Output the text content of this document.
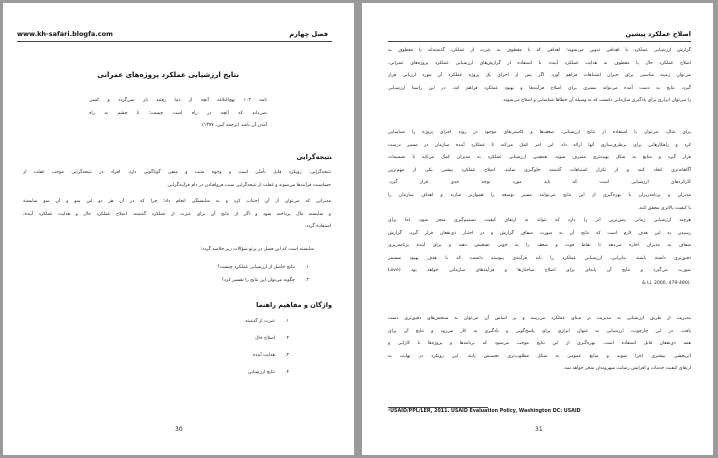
www.kh-safari.blogfa.com	فصل چهارم
نتایج ارزشیابی عملکرد پروژه‌های عمرانی
نامه ۱۰۲ نهج‌البلاغه آنچه از دنیا رفتند باز نمی‌گردد و کسی
نمی‌داند که آنچه در راه است چیست؛ تا چشم به راه
آمدن آن باشد (ترجمه آیتی، ۱۳۷۷).
نتیجه‌گرایی
نتیجه‌گرایی: رویکرد قابل تأملی است و وجوه مثبت و منفی گوناگونی دارد. افراد در نتیجه‌گرایی موجب غفلت از
حساسیت فرآیندها می‌شوند و غفلت از نتیجه‌گرایی سبب فروافتادن در دام فرآیندگرایی.
مدیرانی که می‌توان از آن اجتناب کرد و به شایستگی انجام داد؛ چرا که در آن هر دو این سو و آن سو شایسته
و شایسته مآل پرداخته شود و اگر از نتایج آن برای عبرت از عملکرد گذشته، اصلاح عملکرد حال و هدایت عملکرد آینده،
استفاده گردد.
شایسته است که این فصل در پرتو سؤالات زیر خلاصه گردد:
۱.نتایج حاصل از ارزشیابی عملکرد چیست؟
۲.چگونه می‌توان این نتایج را تفسیر کرد؟
واژگان و مفاهیم راهنما
۱.عبرت از گذشته
۲.اصلاح حال
۳.هدایت آینده
۴.نتایج ارزشیابی
30
اصلاح عملکرد پیشین
گزارش ارزشیابی عملکرد با اهدافی تدوین می‌شوند؛ اهدافی که با معطوف به عبرت از عملکرد گذشته‌اند یا معطوف به
اصلاح عملکرد حال یا معطوف به هدایت عملکرد آینده. با استفاده از گزارش‌های ارزشیابی عملکرد پروژه‌های عمرانی،
می‌توان زمینه مناسبی برای جبران اشتباهات فراهم آورد. اگر پس از اجرای یک پروژه عملکرد آن مورد ارزیابی قرار
گیرد، نتایج به دست آمده می‌تواند بستری برای اصلاح فرآیندها و بهبود عملکرد فراهم کند. در این راستا ارزشیابی
را می‌توان ابزاری برای یادگیری سازمانی دانست که به وسیله آن خطاها شناسایی و اصلاح می‌شوند.
برای مثال، می‌توان با استفاده از نتایج ارزشیابی، ضعف‌ها و کاستی‌های موجود در روند اجرای پروژه را شناسایی
کرد و راهکارهایی برای برطرف‌سازی آنها ارائه داد. این امر کمک می‌کند تا عملکرد آینده سازمان در مسیر درست
قرار گیرد و منابع به شکل بهینه‌تری مصرف شوند. همچنین ارزشیابی عملکرد به مدیران کمک می‌کند تا تصمیمات
آگاهانه‌تری اتخاذ کنند و از تکرار اشتباهات گذشته جلوگیری نمایند. اصلاح عملکرد پیشین یکی از مهم‌ترین
کارکردهای ارزشیابی است که باید مورد توجه جدی قرار گیرد.
مدیران و برنامه‌ریزان با بهره‌گیری از این نتایج می‌توانند مسیر توسعه را هموارتر سازند و اهداف سازمان را
با کیفیت بالاتری محقق کنند.
هرچند ارزشیابی زمانی بیش‌ترین اثر را دارد که بتواند به ارتقای کیفیت تصمیم‌گیری منجر شود، اما برای
رسیدن به این هدف لازم است که نتایج آن به صورت شفاف گزارش و در اختیار ذی‌نفعان قرار گیرد. گزارش
شفاف به مدیران اجازه می‌دهد تا نقاط قوت و ضعف را به خوبی تشخیص دهند و برای آینده برنامه‌ریزی
دقیق‌تری داشته باشند. بنابراین، ارزشیابی عملکرد را باید فرآیندی پیوسته دانست که با هدف بهبود مستمر
صورت می‌گیرد و نتایج آن پایه‌ای برای اصلاح ساختارها و فرآیندهای سازمانی خواهد بود (Love
& Li, 2000, 479-490).
مدیریت از طریق ارزشیابی به مدیریت بر مبنای عملکرد می‌رسد و بر اساس آن می‌توان به سنجش‌های دقیق‌تری دست
یافت. در این چارچوب، ارزشیابی به عنوان ابزاری برای پاسخ‌گویی و یادگیری به کار می‌رود و نتایج آن برای
همه ذی‌نفعان قابل استفاده است. بهره‌گیری از این نتایج موجب می‌شود که برنامه‌ها و پروژه‌ها با کارایی و
اثربخشی بیشتری اجرا شوند و منابع عمومی به شکل مطلوب‌تری تخصیص یابند. این رویکرد در نهایت به
ارتقای کیفیت خدمات و افزایش رضایت شهروندان منجر خواهد شد.
¹USAID/PPL/LER, 2011. USAID Evaluation Policy, Washington DC: USAID
31
